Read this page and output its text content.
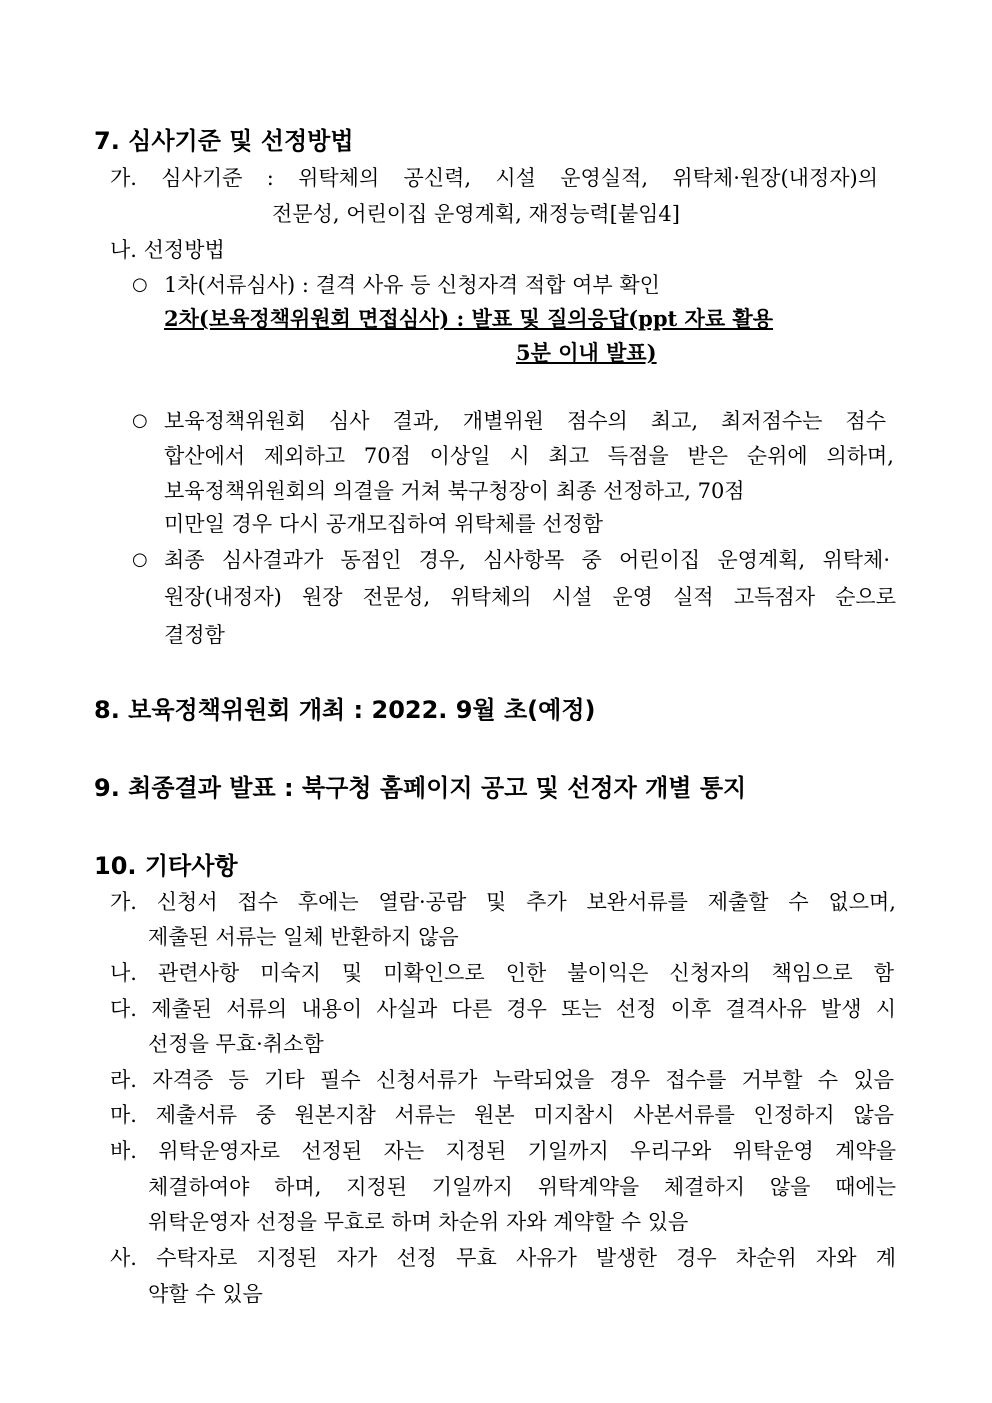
7. 심사기준 및 선정방법
가. 심사기준 : 위탁체의 공신력, 시설 운영실적, 위탁체·원장(내정자)의
전문성, 어린이집 운영계획, 재정능력[붙임4]
나. 선정방법
○ 1차(서류심사) : 결격 사유 등 신청자격 적합 여부 확인
2차(보육정책위원회 면접심사) : 발표 및 질의응답(ppt 자료 활용
5분 이내 발표)
○ 보육정책위원회 심사 결과, 개별위원 점수의 최고, 최저점수는 점수
합산에서 제외하고 70점 이상일 시 최고 득점을 받은 순위에 의하며,
보육정책위원회의 의결을 거쳐 북구청장이 최종 선정하고, 70점
미만일 경우 다시 공개모집하여 위탁체를 선정함
○ 최종 심사결과가 동점인 경우, 심사항목 중 어린이집 운영계획, 위탁체·
원장(내정자) 원장 전문성, 위탁체의 시설 운영 실적 고득점자 순으로
결정함
8. 보육정책위원회 개최 : 2022. 9월 초(예정)
9. 최종결과 발표 : 북구청 홈페이지 공고 및 선정자 개별 통지
10. 기타사항
가. 신청서 접수 후에는 열람·공람 및 추가 보완서류를 제출할 수 없으며,
제출된 서류는 일체 반환하지 않음
나. 관련사항 미숙지 및 미확인으로 인한 불이익은 신청자의 책임으로 함
다. 제출된 서류의 내용이 사실과 다른 경우 또는 선정 이후 결격사유 발생 시
선정을 무효·취소함
라. 자격증 등 기타 필수 신청서류가 누락되었을 경우 접수를 거부할 수 있음
마. 제출서류 중 원본지참 서류는 원본 미지참시 사본서류를 인정하지 않음
바. 위탁운영자로 선정된 자는 지정된 기일까지 우리구와 위탁운영 계약을
체결하여야 하며, 지정된 기일까지 위탁계약을 체결하지 않을 때에는
위탁운영자 선정을 무효로 하며 차순위 자와 계약할 수 있음
사. 수탁자로 지정된 자가 선정 무효 사유가 발생한 경우 차순위 자와 계
약할 수 있음
